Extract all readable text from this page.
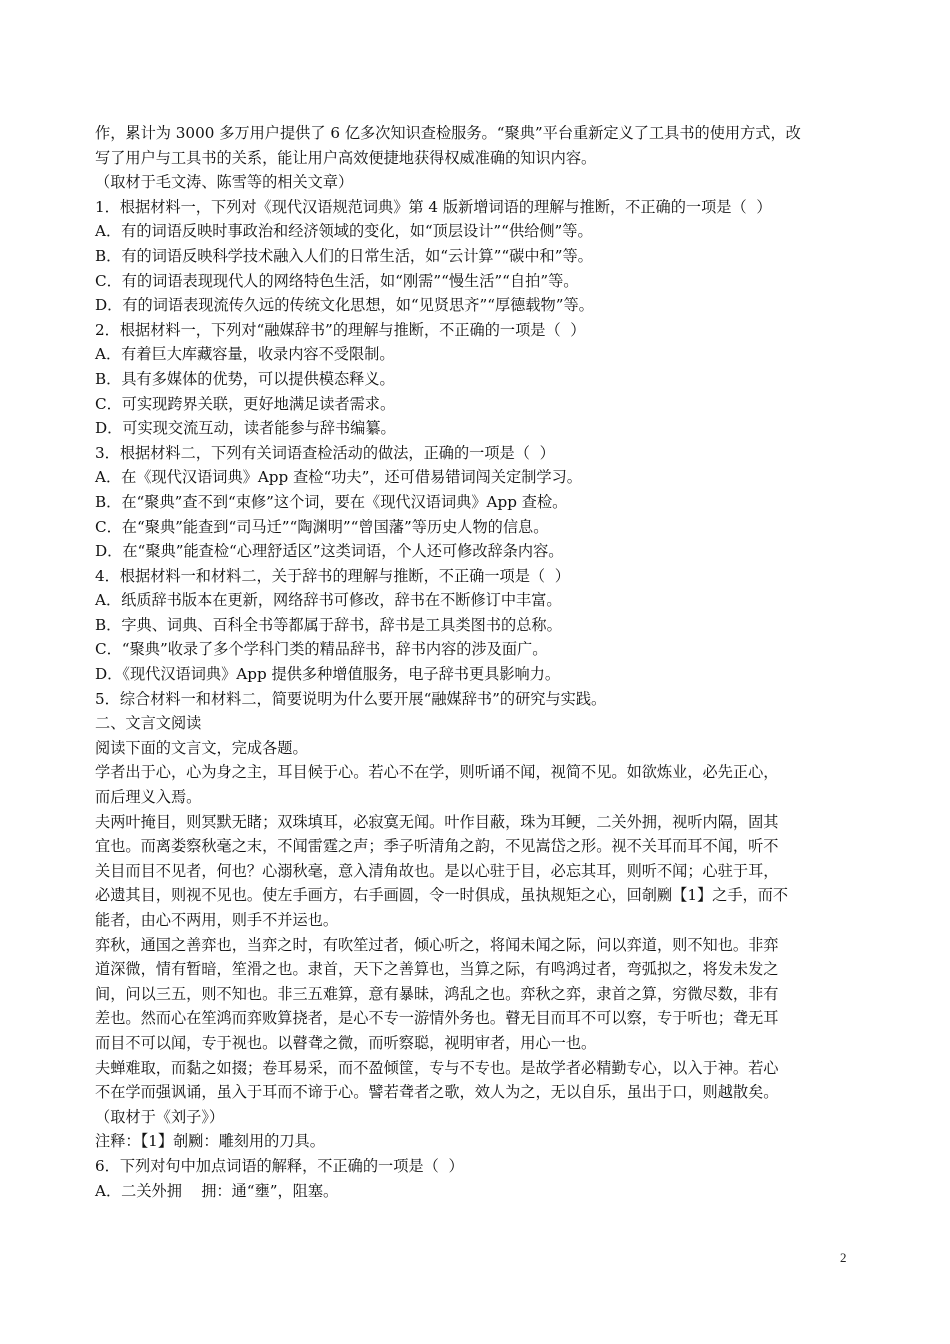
作，累计为 3000 多万用户提供了 6 亿多次知识查检服务。“聚典”平台重新定义了工具书的使用方式，改
写了用户与工具书的关系，能让用户高效便捷地获得权威准确的知识内容。
（取材于毛文涛、陈雪等的相关文章）
1．根据材料一，下列对《现代汉语规范词典》第 4 版新增词语的理解与推断，不正确的一项是（  ）
A．有的词语反映时事政治和经济领域的变化，如“顶层设计”“供给侧”等。
B．有的词语反映科学技术融入人们的日常生活，如“云计算”“碳中和”等。
C．有的词语表现现代人的网络特色生活，如“刚需”“慢生活”“自拍”等。
D．有的词语表现流传久远的传统文化思想，如“见贤思齐”“厚德载物”等。
2．根据材料一，下列对“融媒辞书”的理解与推断，不正确的一项是（  ）
A．有着巨大库藏容量，收录内容不受限制。
B．具有多媒体的优势，可以提供模态释义。
C．可实现跨界关联，更好地满足读者需求。
D．可实现交流互动，读者能参与辞书编纂。
3．根据材料二，下列有关词语查检活动的做法，正确的一项是（  ）
A．在《现代汉语词典》App 查检“功夫”，还可借易错词闯关定制学习。
B．在“聚典”查不到“束修”这个词，要在《现代汉语词典》App 查检。
C．在“聚典”能查到“司马迁”“陶渊明”“曾国藩”等历史人物的信息。
D．在“聚典”能查检“心理舒适区”这类词语，个人还可修改辞条内容。
4．根据材料一和材料二，关于辞书的理解与推断，不正确一项是（  ）
A．纸质辞书版本在更新，网络辞书可修改，辞书在不断修订中丰富。
B．字典、词典、百科全书等都属于辞书，辞书是工具类图书的总称。
C．“聚典”收录了多个学科门类的精品辞书，辞书内容的涉及面广。
D．《现代汉语词典》App 提供多种增值服务，电子辞书更具影响力。
5．综合材料一和材料二，简要说明为什么要开展“融媒辞书”的研究与实践。
二、文言文阅读
阅读下面的文言文，完成各题。
学者出于心，心为身之主，耳目候于心。若心不在学，则听诵不闻，视简不见。如欲炼业，必先正心，
而后理义入焉。
夫两叶掩目，则冥默无睹；双珠填耳，必寂寞无闻。叶作目蔽，珠为耳鲠，二关外拥，视听内隔，固其
宜也。而离娄察秋毫之末，不闻雷霆之声；季子听清角之韵，不见嵩岱之形。视不关耳而耳不闻，听不
关目而目不见者，何也？心溺秋毫，意入清角故也。是以心驻于目，必忘其耳，则听不闻；心驻于耳，
必遗其目，则视不见也。使左手画方，右手画圆，令一时俱成，虽执规矩之心，回剞劂【1】之手，而不
能者，由心不两用，则手不并运也。
弈秋，通国之善弈也，当弈之时，有吹笙过者，倾心听之，将闻未闻之际，问以弈道，则不知也。非弈
道深微，情有暂暗，笙滑之也。隶首，天下之善算也，当算之际，有鸣鸿过者，弯弧拟之，将发未发之
间，问以三五，则不知也。非三五难算，意有暴昧，鸿乱之也。弈秋之弈，隶首之算，穷微尽数，非有
差也。然而心在笙鸿而弈败算挠者，是心不专一游情外务也。瞽无目而耳不可以察，专于听也；聋无耳
而目不可以闻，专于视也。以瞽聋之微，而听察聪，视明审者，用心一也。
夫蝉难取，而黏之如掇；卷耳易采，而不盈倾筐，专与不专也。是故学者必精勤专心，以入于神。若心
不在学而强讽诵，虽入于耳而不谛于心。譬若聋者之歌，效人为之，无以自乐，虽出于口，则越散矣。
（取材于《刘子》）
注释：【1】剞劂：雕刻用的刀具。
6．下列对句中加点词语的解释，不正确的一项是（  ）
A．二关外拥    拥：通“壅”，阻塞。
2
